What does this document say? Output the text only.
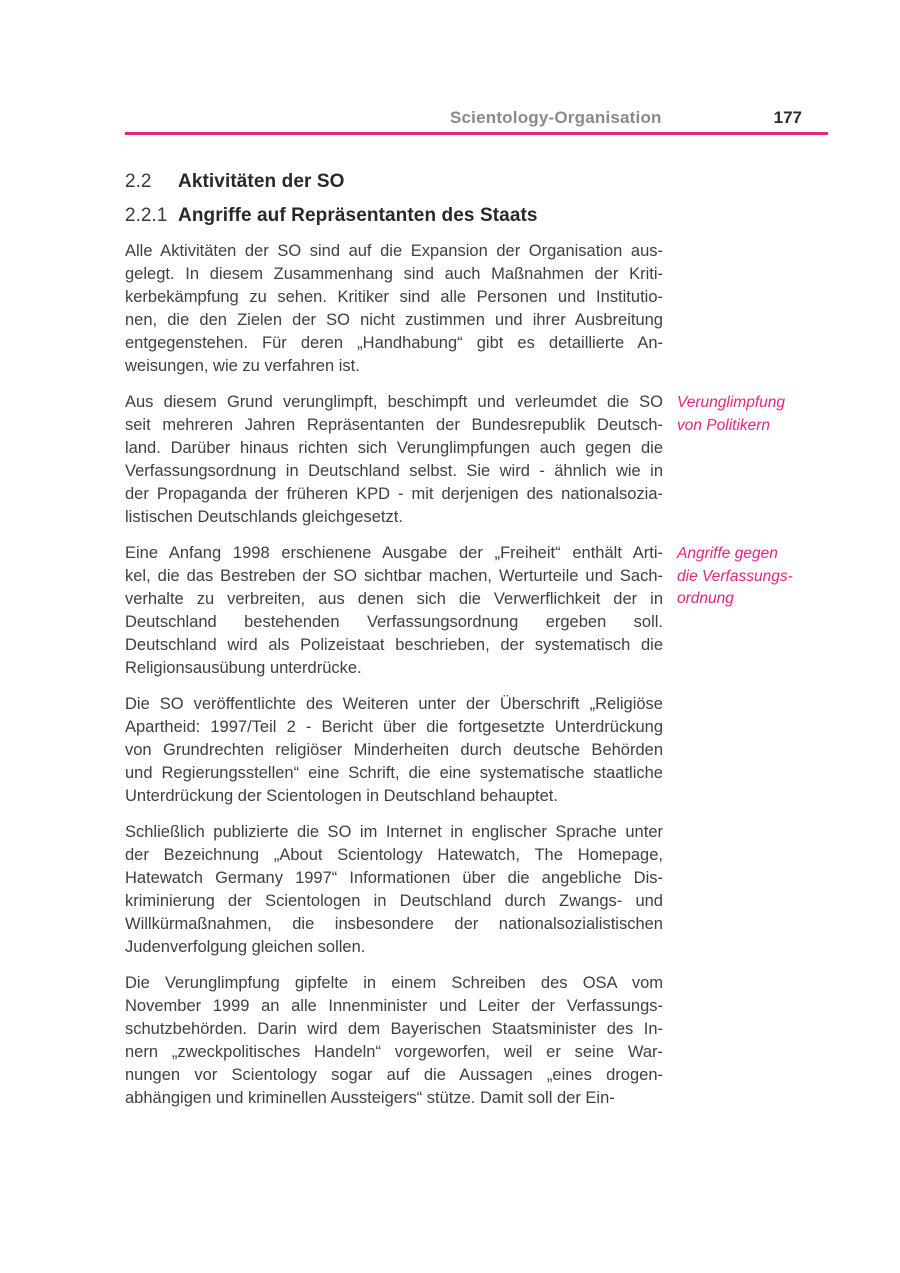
Scientology-Organisation	177
2.2	Aktivitäten der SO
2.2.1 Angriffe auf Repräsentanten des Staats
Alle Aktivitäten der SO sind auf die Expansion der Organisation aus-
gelegt. In diesem Zusammenhang sind auch Maßnahmen der Kriti-
kerbekämpfung zu sehen. Kritiker sind alle Personen und Institutio-
nen, die den Zielen der SO nicht zustimmen und ihrer Ausbreitung
entgegenstehen. Für deren „Handhabung“ gibt es detaillierte An-
weisungen, wie zu verfahren ist.
Aus diesem Grund verunglimpft, beschimpft und verleumdet die SO
seit mehreren Jahren Repräsentanten der Bundesrepublik Deutsch-
land. Darüber hinaus richten sich Verunglimpfungen auch gegen die
Verfassungsordnung in Deutschland selbst. Sie wird - ähnlich wie in
der Propaganda der früheren KPD - mit derjenigen des nationalsozia-
listischen Deutschlands gleichgesetzt.
Verunglimpfung
von Politikern
Eine Anfang 1998 erschienene Ausgabe der „Freiheit“ enthält Arti-
kel, die das Bestreben der SO sichtbar machen, Werturteile und Sach-
verhalte zu verbreiten, aus denen sich die Verwerflichkeit der in
Deutschland bestehenden Verfassungsordnung ergeben soll.
Deutschland wird als Polizeistaat beschrieben, der systematisch die
Religionsausübung unterdrücke.
Angriffe gegen
die Verfassungs-
ordnung
Die SO veröffentlichte des Weiteren unter der Überschrift „Religiöse
Apartheid: 1997/Teil 2 - Bericht über die fortgesetzte Unterdrückung
von Grundrechten religiöser Minderheiten durch deutsche Behörden
und Regierungsstellen“ eine Schrift, die eine systematische staatliche
Unterdrückung der Scientologen in Deutschland behauptet.
Schließlich publizierte die SO im Internet in englischer Sprache unter
der Bezeichnung „About Scientology Hatewatch, The Homepage,
Hatewatch Germany 1997“ Informationen über die angebliche Dis-
kriminierung der Scientologen in Deutschland durch Zwangs- und
Willkürmaßnahmen, die insbesondere der nationalsozialistischen
Judenverfolgung gleichen sollen.
Die Verunglimpfung gipfelte in einem Schreiben des OSA vom
November 1999 an alle Innenminister und Leiter der Verfassungs-
schutzbehörden. Darin wird dem Bayerischen Staatsminister des In-
nern „zweckpolitisches Handeln“ vorgeworfen, weil er seine War-
nungen vor Scientology sogar auf die Aussagen „eines drogen-
abhängigen und kriminellen Aussteigers“ stütze. Damit soll der Ein-
